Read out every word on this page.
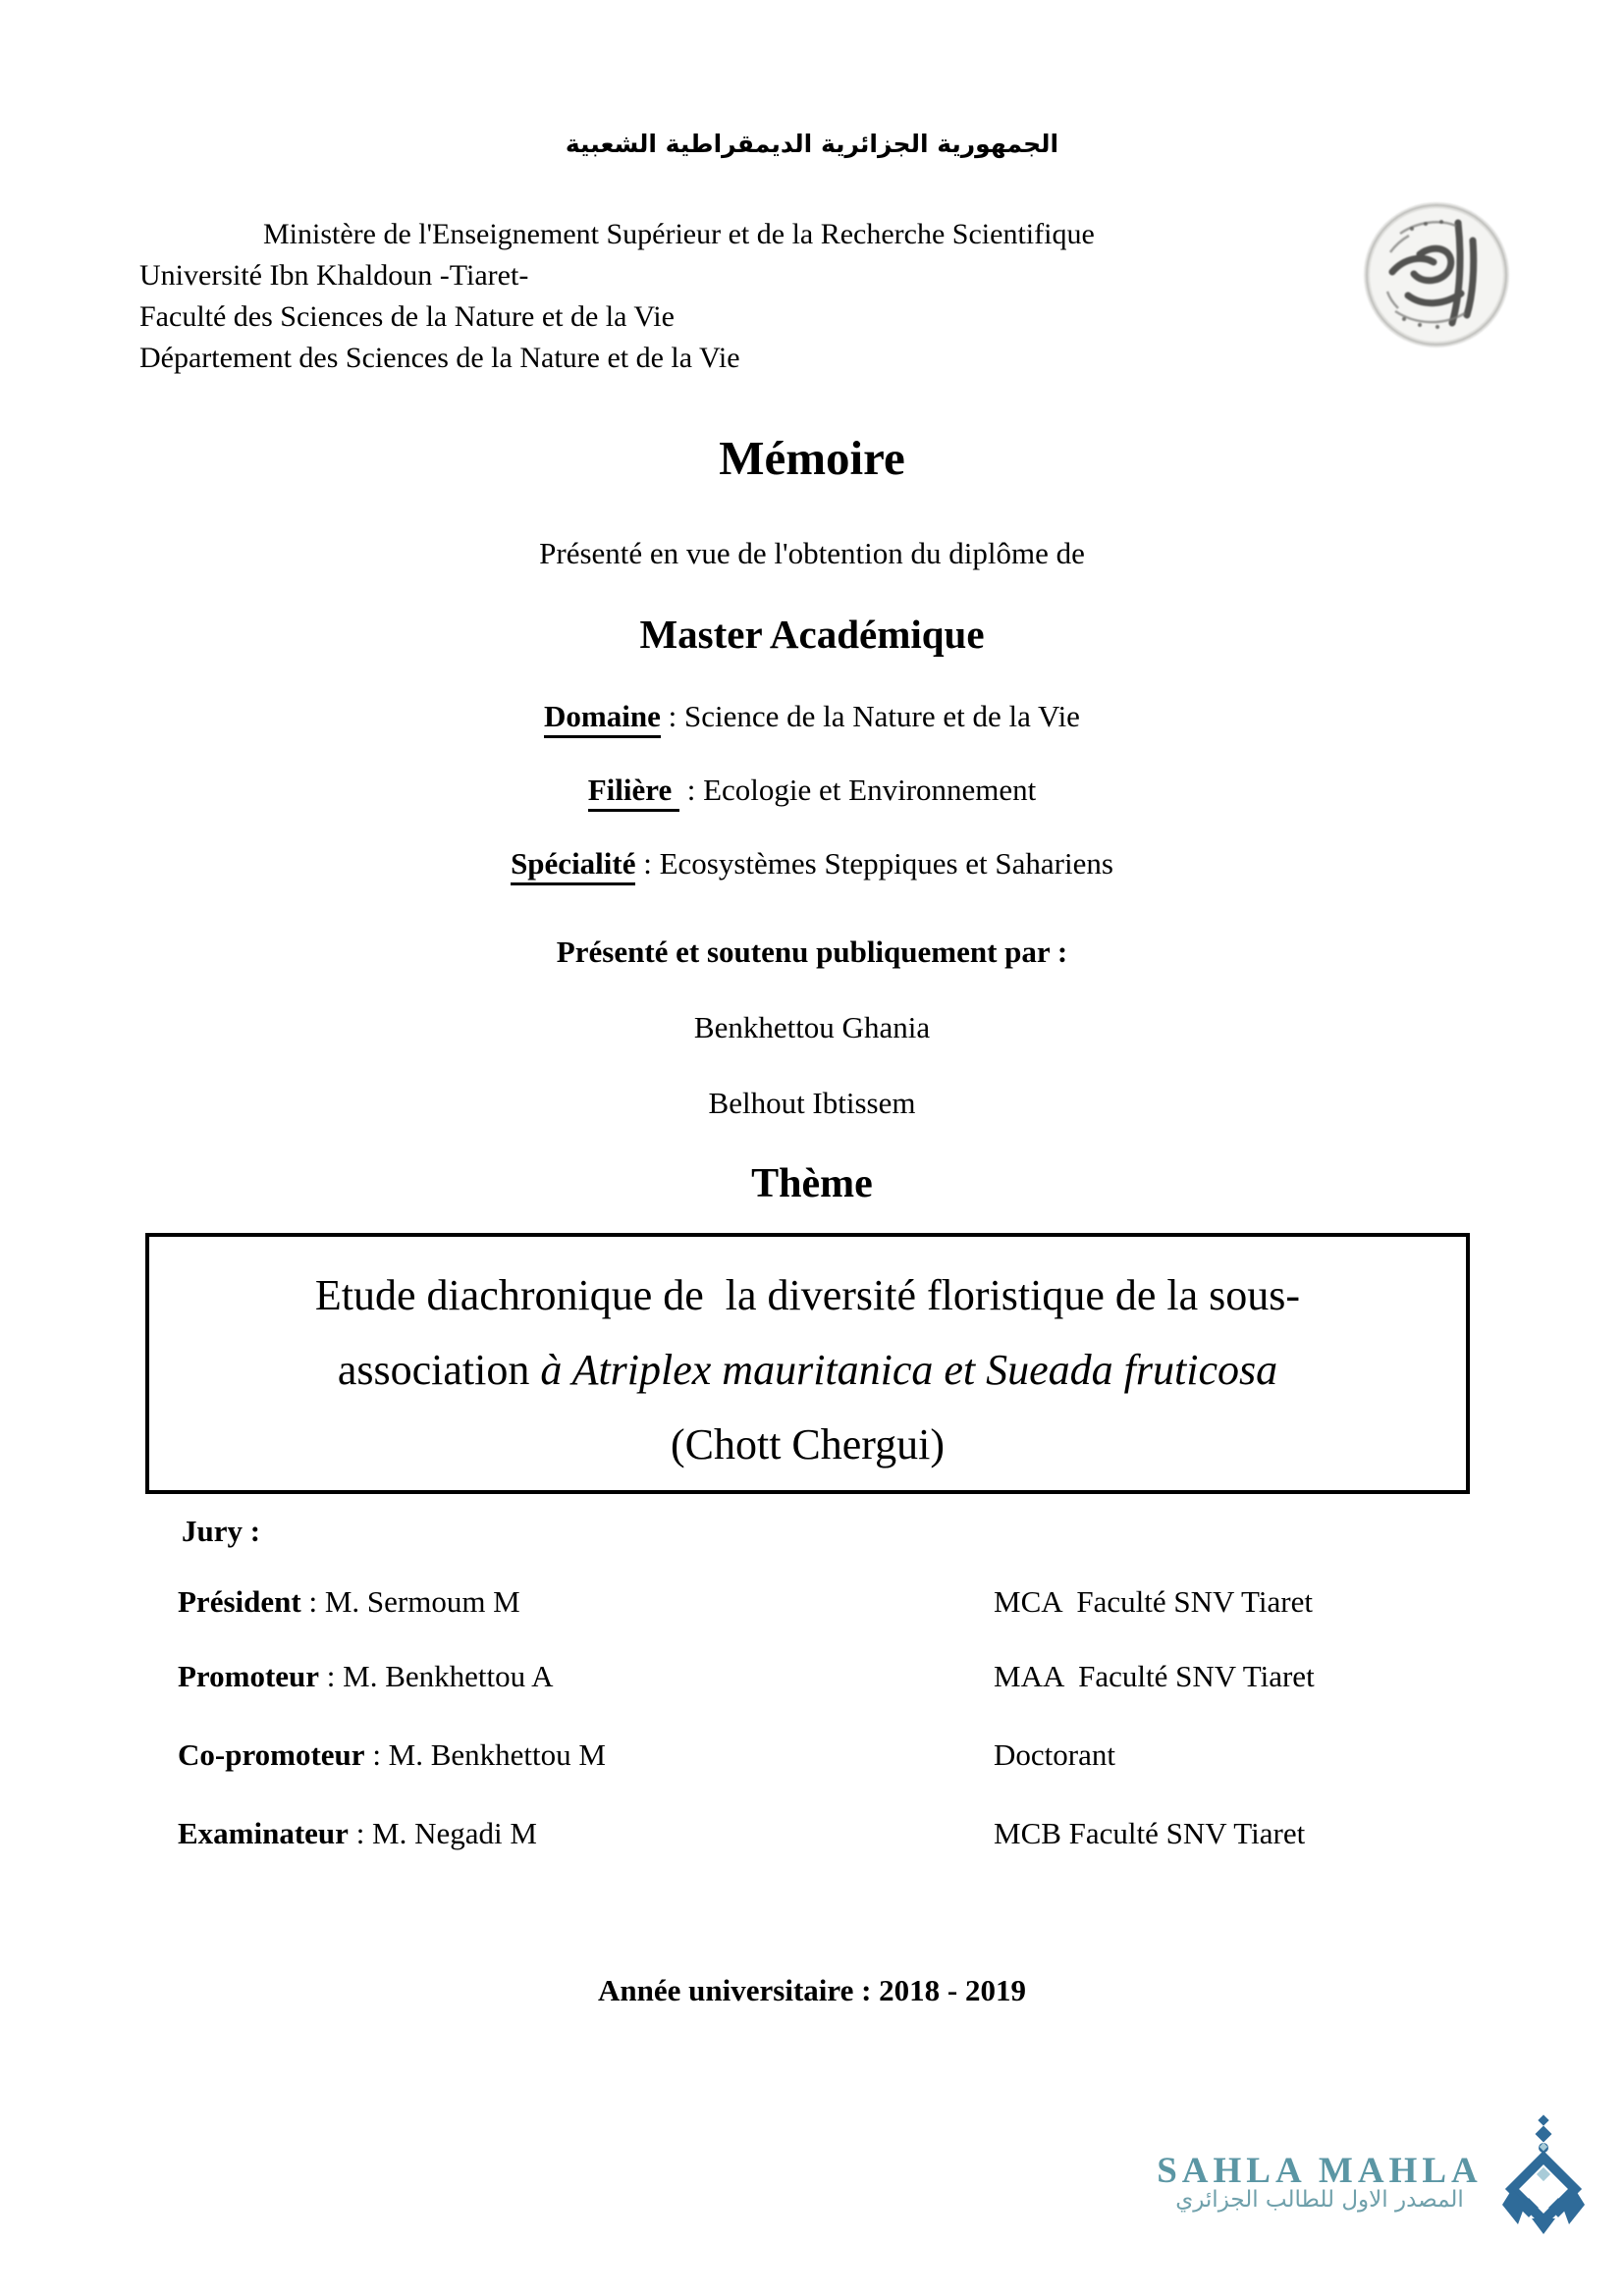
الجمهورية الجزائرية الديمقراطية الشعبية
Ministère de l'Enseignement Supérieur et de la Recherche Scientifique
Université Ibn Khaldoun -Tiaret-
Faculté des Sciences de la Nature et de la Vie
Département des Sciences de la Nature et de la Vie
Mémoire
Présenté en vue de l'obtention du diplôme de
Master Académique
Domaine : Science de la Nature et de la Vie
Filière  : Ecologie et Environnement
Spécialité : Ecosystèmes Steppiques et Sahariens
Présenté et soutenu publiquement par :
Benkhettou Ghania
Belhout Ibtissem
Thème
Etude diachronique de  la diversité floristique de la sous-
association à Atriplex mauritanica et Sueada fruticosa
(Chott Chergui)
Jury :
Président : M. Sermoum M	MCA  Faculté SNV Tiaret
Promoteur : M. Benkhettou A	MAA  Faculté SNV Tiaret
Co-promoteur : M. Benkhettou M	Doctorant
Examinateur : M. Negadi M	MCB Faculté SNV Tiaret
Année universitaire : 2018 - 2019
SAHLA MAHLA
المصدر الاول للطالب الجزائري
